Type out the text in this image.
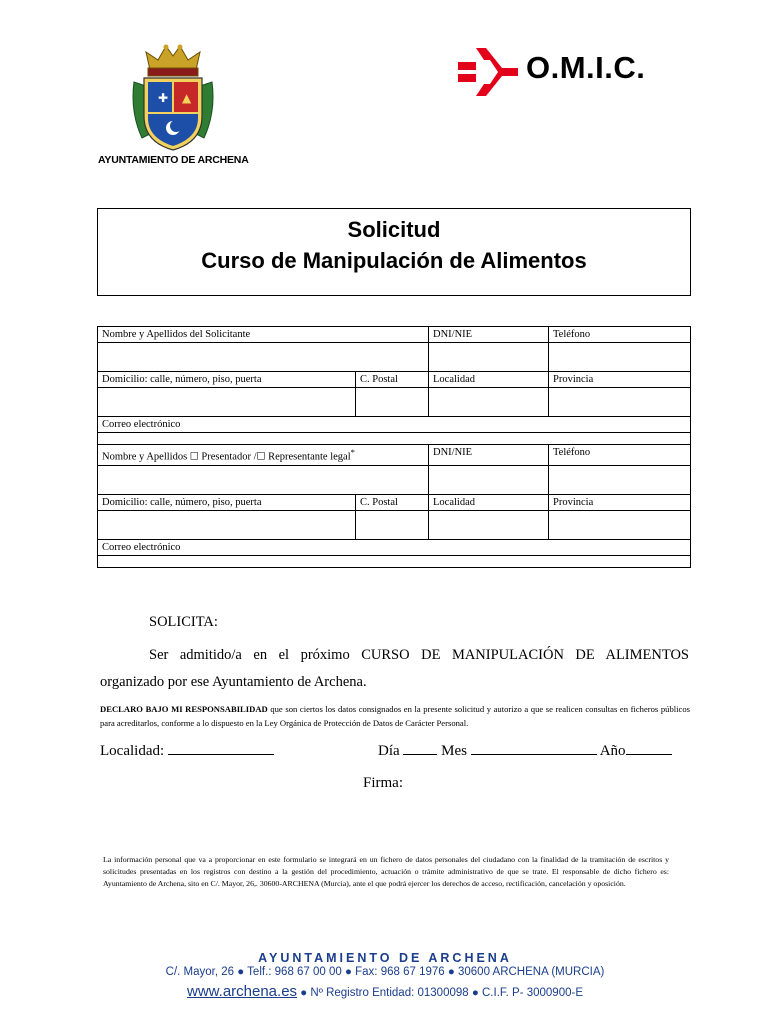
✚ ▲
AYUNTAMIENTO DE ARCHENA
O.M.I.C.
Solicitud
Curso de Manipulación de Alimentos
Nombre y Apellidos del Solicitante		DNI/NIE	Teléfono

Domicilio: calle, número, piso, puerta	C. Postal	Localidad	Provincia

Correo electrónico			

Nombre y Apellidos ☐ Presentador /☐ Representante legal*		DNI/NIE	Teléfono

Domicilio: calle, número, piso, puerta	C. Postal	Localidad	Provincia

Correo electrónico			

SOLICITA:
Ser admitido/a en el próximo CURSO DE MANIPULACIÓN DE ALIMENTOS
organizado por ese Ayuntamiento de Archena.
DECLARO BAJO MI RESPONSABILIDAD que son ciertos los datos consignados en la presente solicitud y autorizo a que se realicen consultas en ficheros públicos para acreditarlos, conforme a lo dispuesto en la Ley Orgánica de Protección de Datos de Carácter Personal.
Localidad:	Día	Mes	Año
Firma:
La información personal que va a proporcionar en este formulario se integrará en un fichero de datos personales del ciudadano con la finalidad de la tramitación de escritos y solicitudes presentadas en los registros con destino a la gestión del procedimiento, actuación o trámite administrativo de que se trate. El responsable de dicho fichero es: Ayuntamiento de Archena, sito en C/. Mayor, 26,. 30600-ARCHENA (Murcia), ante el que podrá ejercer los derechos de acceso, rectificación, cancelación y oposición.
AYUNTAMIENTO DE ARCHENA
C/. Mayor, 26 ● Telf.: 968 67 00 00 ● Fax: 968 67 1976 ● 30600 ARCHENA (MURCIA)
www.archena.es ● Nº Registro Entidad: 01300098 ● C.I.F. P- 3000900-E
